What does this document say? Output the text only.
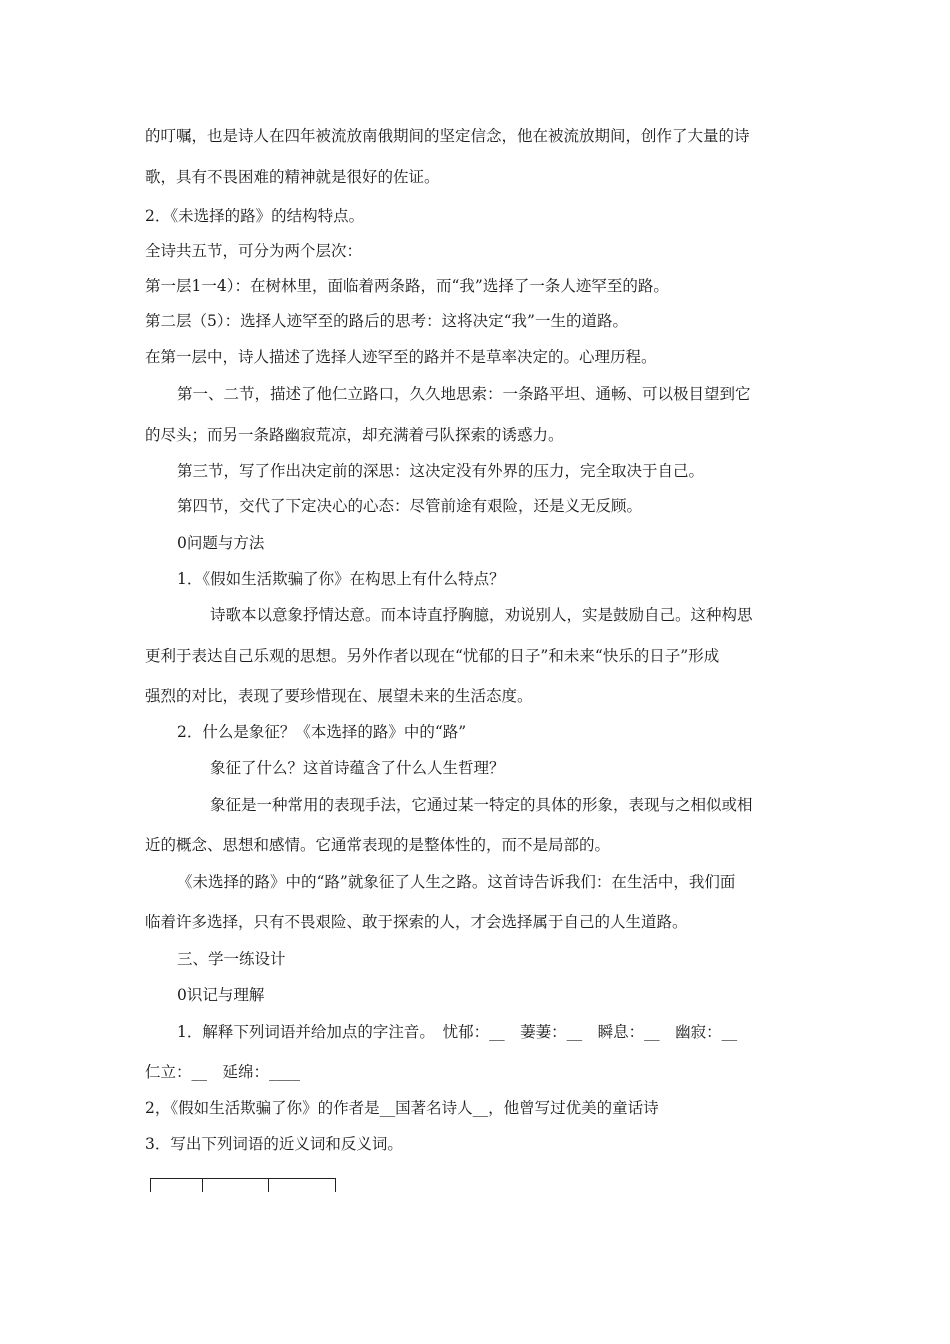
的叮嘱，也是诗人在四年被流放南俄期间的坚定信念，他在被流放期间，创作了大量的诗
歌，具有不畏困难的精神就是很好的佐证。
2．《未选择的路》的结构特点。
全诗共五节，可分为两个层次：
第一层1一4）：在树林里，面临着两条路，而“我”选择了一条人迹罕至的路。
第二层（5）：选择人迹罕至的路后的思考：这将决定“我”一生的道路。
在第一层中，诗人描述了选择人迹罕至的路并不是草率决定的。心理历程。
第一、二节，描述了他仁立路口，久久地思索：一条路平坦、通畅、可以极目望到它
的尽头；而另一条路幽寂荒凉，却充满着弓队探索的诱惑力。
第三节，写了作出决定前的深思：这决定没有外界的压力，完全取决于自己。
第四节，交代了下定决心的心态：尽管前途有艰险，还是义无反顾。
0问题与方法
1．《假如生活欺骗了你》在构思上有什么特点？
诗歌本以意象抒情达意。而本诗直抒胸臆，劝说别人，实是鼓励自己。这种构思
更利于表达自己乐观的思想。另外作者以现在“忧郁的日子”和未来“快乐的日子”形成
强烈的对比，表现了要珍惜现在、展望未来的生活态度。
2．什么是象征？《本选择的路》中的“路”
象征了什么？这首诗蕴含了什么人生哲理？
象征是一种常用的表现手法，它通过某一特定的具体的形象，表现与之相似或相
近的概念、思想和感情。它通常表现的是整体性的，而不是局部的。
《未选择的路》中的“路”就象征了人生之路。这首诗告诉我们：在生活中，我们面
临着许多选择，只有不畏艰险、敢于探索的人，才会选择属于自己的人生道路。
三、学一练设计
0识记与理解
1．解释下列词语并给加点的字注音。　忧郁：__　萋萋：__　瞬息：__　幽寂：__
仁立：__　延绵：____
2，《假如生活欺骗了你》的作者是__国著名诗人__，他曾写过优美的童话诗
3．写出下列词语的近义词和反义词。
